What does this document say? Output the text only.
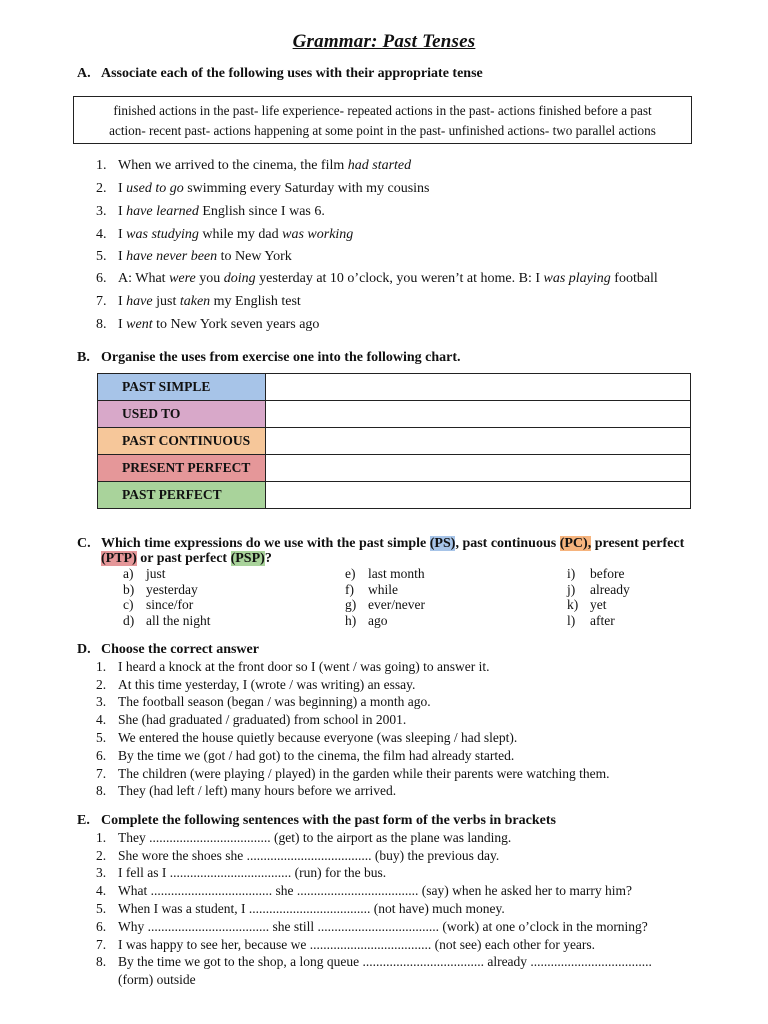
Grammar: Past Tenses
A. Associate each of the following uses with their appropriate tense
finished actions in the past- life experience- repeated actions in the past- actions finished before a past
action- recent past- actions happening at some point in the past- unfinished actions- two parallel actions
1. When we arrived to the cinema, the film had started
2. I used to go swimming every Saturday with my cousins
3. I have learned English since I was 6.
4. I was studying while my dad was working
5. I have never been to New York
6. A: What were you doing yesterday at 10 o’clock, you weren’t at home. B: I was playing football
7. I have just taken my English test
8. I went to New York seven years ago
B. Organise the uses from exercise one into the following chart.
PAST SIMPLE	
USED TO	
PAST CONTINUOUS	
PRESENT PERFECT	
PAST PERFECT	
C. Which time expressions do we use with the past simple (PS), past continuous (PC), present perfect
(PTP) or past perfect (PSP)?
a) just
b) yesterday
c) since/for
d) all the night
e) last month
f) while
g) ever/never
h) ago
i) before
j) already
k) yet
l) after
D. Choose the correct answer
1. I heard a knock at the front door so I (went / was going) to answer it.
2. At this time yesterday, I (wrote / was writing) an essay.
3. The football season (began / was beginning) a month ago.
4. She (had graduated / graduated) from school in 2001.
5. We entered the house quietly because everyone (was sleeping / had slept).
6. By the time we (got / had got) to the cinema, the film had already started.
7. The children (were playing / played) in the garden while their parents were watching them.
8. They (had left / left) many hours before we arrived.
E. Complete the following sentences with the past form of the verbs in brackets
1. They .................................... (get) to the airport as the plane was landing.
2. She wore the shoes she ..................................... (buy) the previous day.
3. I fell as I .................................... (run) for the bus.
4. What .................................... she .................................... (say) when he asked her to marry him?
5. When I was a student, I .................................... (not have) much money.
6. Why .................................... she still .................................... (work) at one o’clock in the morning?
7. I was happy to see her, because we .................................... (not see) each other for years.
8. By the time we got to the shop, a long queue .................................... already ....................................
(form) outside
